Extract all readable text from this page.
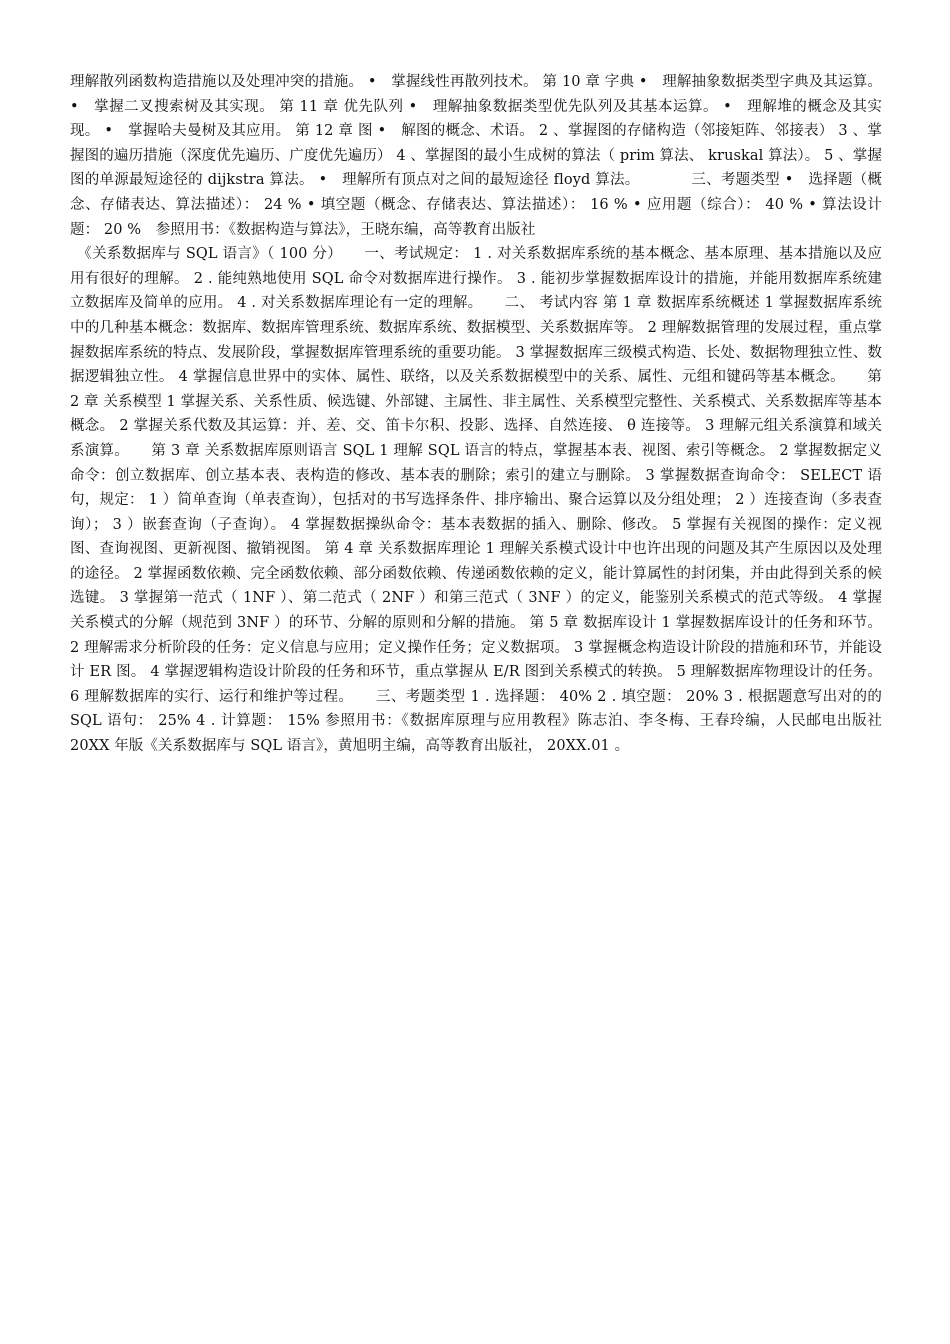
理解散列函数构造措施以及处理冲突的措施。 •　掌握线性再散列技术。 第 10 章 字典 •　理解抽象数据类型字典及其运算。 •　掌握二叉搜索树及其实现。 第 11 章 优先队列 •　理解抽象数据类型优先队列及其基本运算。 •　理解堆的概念及其实现。 •　掌握哈夫曼树及其应用。 第 12 章 图 •　解图的概念、术语。 2 、掌握图的存储构造（邻接矩阵、邻接表） 3 、掌握图的遍历措施（深度优先遍历、广度优先遍历） 4 、掌握图的最小生成树的算法（ prim 算法、 kruskal 算法）。 5 、掌握图的单源最短途径的 dijkstra 算法。 •　理解所有顶点对之间的最短途径 floyd 算法。　　　　三、考题类型 •　选择题（概念、存储表达、算法描述）： 24 % • 填空题（概念、存储表达、算法描述）： 16 % • 应用题（综合）： 40 % • 算法设计题： 20 %　参照用书：《数据构造与算法》，王晓东编，高等教育出版社

《关系数据库与 SQL 语言》（ 100 分）　　一、考试规定： 1 . 对关系数据库系统的基本概念、基本原理、基本措施以及应用有很好的理解。 2 . 能纯熟地使用 SQL 命令对数据库进行操作。 3 . 能初步掌握数据库设计的措施，并能用数据库系统建立数据库及简单的应用。 4 . 对关系数据库理论有一定的理解。　　二、 考试内容 第 1 章 数据库系统概述 1 掌握数据库系统中的几种基本概念：数据库、数据库管理系统、数据库系统、数据模型、关系数据库等。 2 理解数据管理的发展过程，重点掌握数据库系统的特点、发展阶段，掌握数据库管理系统的重要功能。 3 掌握数据库三级模式构造、长处、数据物理独立性、数据逻辑独立性。 4 掌握信息世界中的实体、属性、联络，以及关系数据模型中的关系、属性、元组和键码等基本概念。　　第 2 章 关系模型 1 掌握关系、关系性质、候选键、外部键、主属性、非主属性、关系模型完整性、关系模式、关系数据库等基本概念。 2 掌握关系代数及其运算：并、差、交、笛卡尔积、投影、选择、自然连接、 θ 连接等。 3 理解元组关系演算和域关系演算。　　第 3 章 关系数据库原则语言 SQL 1 理解 SQL 语言的特点，掌握基本表、视图、索引等概念。 2 掌握数据定义命令：创立数据库、创立基本表、表构造的修改、基本表的删除；索引的建立与删除。 3 掌握数据查询命令： SELECT 语句，规定： 1 ）简单查询（单表查询），包括对的书写选择条件、排序输出、聚合运算以及分组处理； 2 ）连接查询（多表查询）； 3 ）嵌套查询（子查询）。 4 掌握数据操纵命令：基本表数据的插入、删除、修改。 5 掌握有关视图的操作：定义视图、查询视图、更新视图、撤销视图。 第 4 章 关系数据库理论 1 理解关系模式设计中也许出现的问题及其产生原因以及处理的途径。 2 掌握函数依赖、完全函数依赖、部分函数依赖、传递函数依赖的定义，能计算属性的封闭集，并由此得到关系的候选键。 3 掌握第一范式（ 1NF ）、第二范式（ 2NF ）和第三范式（ 3NF ）的定义，能鉴别关系模式的范式等级。 4 掌握关系模式的分解（规范到 3NF ）的环节、分解的原则和分解的措施。 第 5 章 数据库设计 1 掌握数据库设计的任务和环节。 2 理解需求分析阶段的任务：定义信息与应用；定义操作任务；定义数据项。 3 掌握概念构造设计阶段的措施和环节，并能设计 ER 图。 4 掌握逻辑构造设计阶段的任务和环节，重点掌握从 E/R 图到关系模式的转换。 5 理解数据库物理设计的任务。 6 理解数据库的实行、运行和维护等过程。　　三、考题类型 1 . 选择题： 40% 2 . 填空题： 20% 3 . 根据题意写出对的的 SQL 语句： 25% 4 . 计算题： 15% 参照用书：《数据库原理与应用教程》陈志泊、李冬梅、王春玲编，人民邮电出版社 20XX 年版《关系数据库与 SQL 语言》，黄旭明主编，高等教育出版社， 20XX.01 。
